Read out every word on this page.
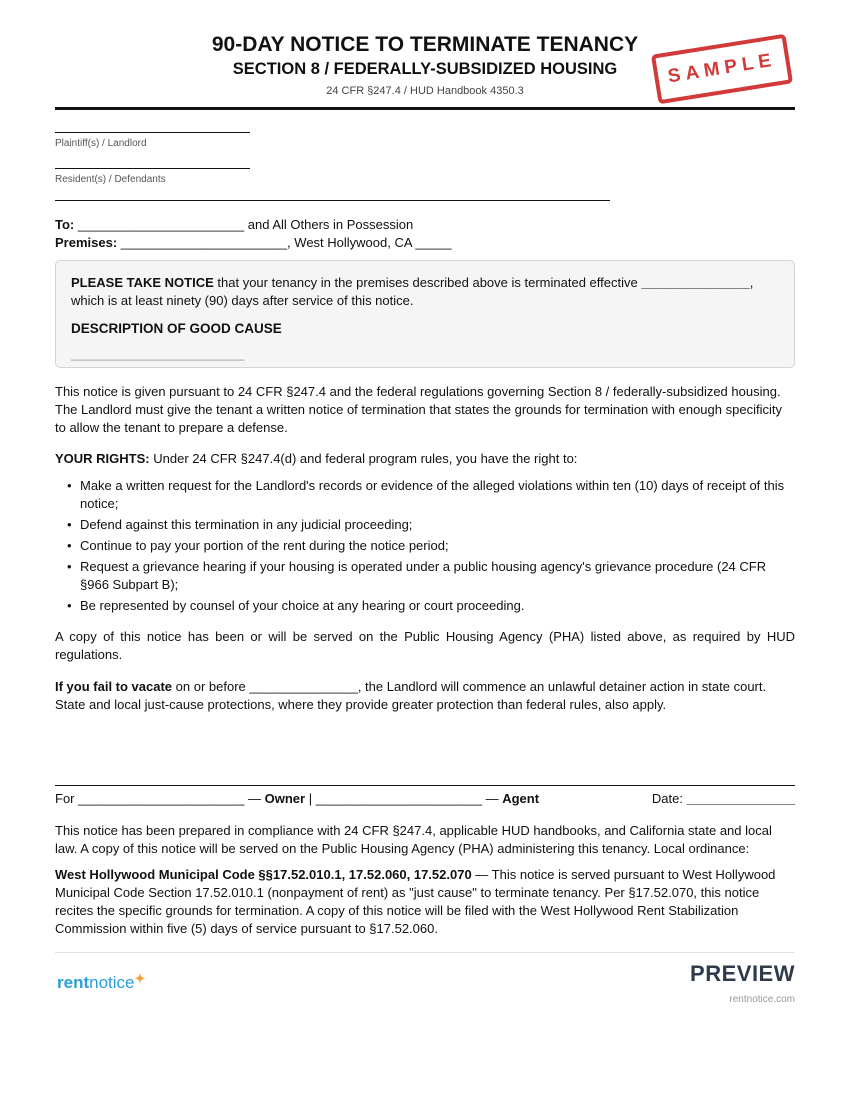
90-DAY NOTICE TO TERMINATE TENANCY
SECTION 8 / FEDERALLY-SUBSIDIZED HOUSING
24 CFR §247.4 / HUD Handbook 4350.3
SAMPLE
Plaintiff(s) / Landlord
Resident(s) / Defendants
To: _______________________ and All Others in Possession
Premises: _______________________, West Hollywood, CA _____

PLEASE TAKE NOTICE that your tenancy in the premises described above is terminated effective _______________, which is at least ninety (90) days after service of this notice.

DESCRIPTION OF GOOD CAUSE

________________________

This notice is given pursuant to 24 CFR §247.4 and the federal regulations governing Section 8 / federally-subsidized housing. The Landlord must give the tenant a written notice of termination that states the grounds for termination with enough specificity to allow the tenant to prepare a defense.

YOUR RIGHTS: Under 24 CFR §247.4(d) and federal program rules, you have the right to:

• Make a written request for the Landlord's records or evidence of the alleged violations within ten (10) days of receipt of this notice;
• Defend against this termination in any judicial proceeding;
• Continue to pay your portion of the rent during the notice period;
• Request a grievance hearing if your housing is operated under a public housing agency's grievance procedure (24 CFR §966 Subpart B);
• Be represented by counsel of your choice at any hearing or court proceeding.

A copy of this notice has been or will be served on the Public Housing Agency (PHA) listed above, as required by HUD regulations.

If you fail to vacate on or before _______________, the Landlord will commence an unlawful detainer action in state court. State and local just-cause protections, where they provide greater protection than federal rules, also apply.

For _______________________ — Owner | _______________________ — Agent	Date: _______________

This notice has been prepared in compliance with 24 CFR §247.4, applicable HUD handbooks, and California state and local law. A copy of this notice will be served on the Public Housing Agency (PHA) administering this tenancy. Local ordinance:

West Hollywood Municipal Code §§17.52.010.1, 17.52.060, 17.52.070 — This notice is served pursuant to West Hollywood Municipal Code Section 17.52.010.1 (nonpayment of rent) as "just cause" to terminate tenancy. Per §17.52.070, this notice recites the specific grounds for termination. A copy of this notice will be filed with the West Hollywood Rent Stabilization Commission within five (5) days of service pursuant to §17.52.060.

rentnotice✦	PREVIEW
rentnotice.com
